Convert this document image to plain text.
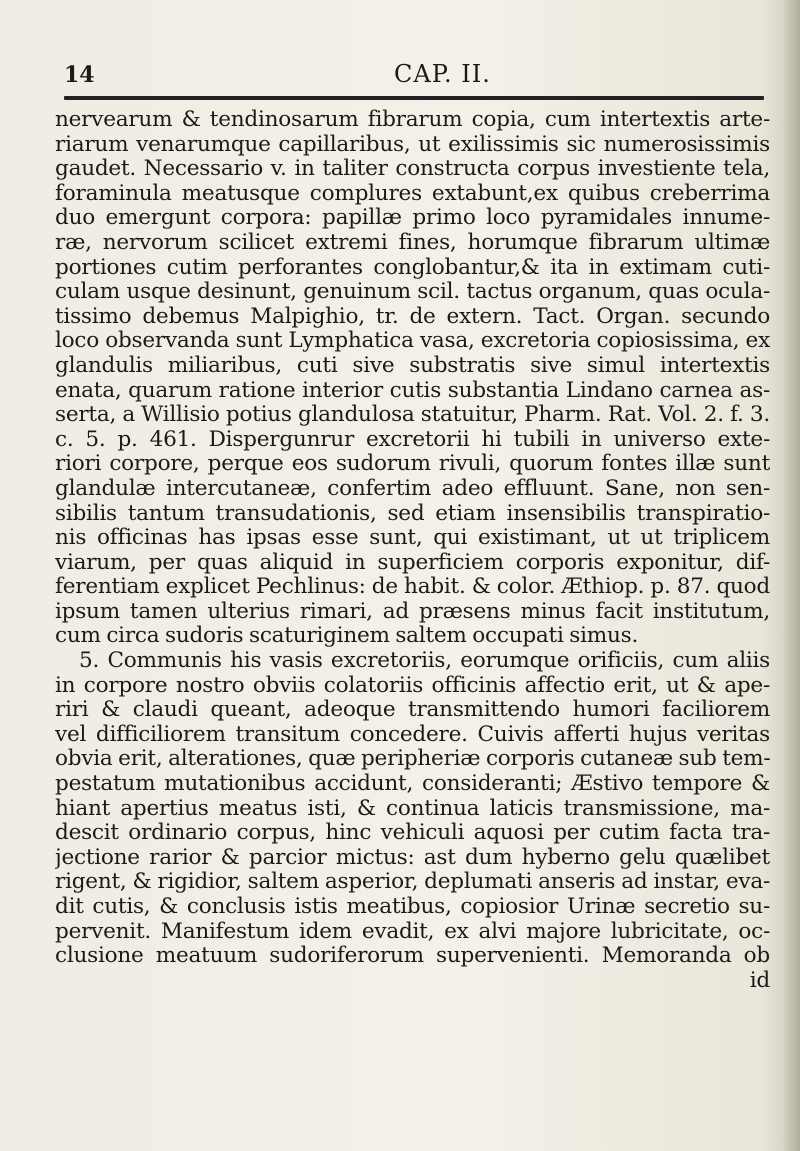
14	CAP. II.
nervearum & tendinosarum fibrarum copia, cum intertextis arte-
riarum venarumque capillaribus, ut exilissimis sic numerosissimis
gaudet. Necessario v. in taliter constructa corpus investiente tela,
foraminula meatusque complures extabunt,ex quibus creberrima
duo emergunt corpora: papillæ primo loco pyramidales innume-
ræ, nervorum scilicet extremi fines, horumque fibrarum ultimæ
portiones cutim perforantes conglobantur,& ita in extimam cuti-
culam usque desinunt, genuinum scil. tactus organum, quas ocula-
tissimo debemus Malpighio, tr. de extern. Tact. Organ. secundo
loco observanda sunt Lymphatica vasa, excretoria copiosissima, ex
glandulis miliaribus, cuti sive substratis sive simul intertextis
enata, quarum ratione interior cutis substantia Lindano carnea as-
serta, a Willisio potius glandulosa statuitur, Pharm. Rat. Vol. 2. f. 3.
c. 5. p. 461. Dispergunrur excretorii hi tubili in universo exte-
riori corpore, perque eos sudorum rivuli, quorum fontes illæ sunt
glandulæ intercutaneæ, confertim adeo effluunt. Sane, non sen-
sibilis tantum transudationis, sed etiam insensibilis transpiratio-
nis officinas has ipsas esse sunt, qui existimant, ut ut triplicem
viarum, per quas aliquid in superficiem corporis exponitur, dif-
ferentiam explicet Pechlinus: de habit. & color. Æthiop. p. 87. quod
ipsum tamen ulterius rimari, ad præsens minus facit institutum,
cum circa sudoris scaturiginem saltem occupati simus.
5. Communis his vasis excretoriis, eorumque orificiis, cum aliis
in corpore nostro obviis colatoriis officinis affectio erit, ut & ape-
riri & claudi queant, adeoque transmittendo humori faciliorem
vel difficiliorem transitum concedere. Cuivis afferti hujus veritas
obvia erit, alterationes, quæ peripheriæ corporis cutaneæ sub tem-
pestatum mutationibus accidunt, consideranti; Æstivo tempore &
hiant apertius meatus isti, & continua laticis transmissione, ma-
descit ordinario corpus, hinc vehiculi aquosi per cutim facta tra-
jectione rarior & parcior mictus: ast dum hyberno gelu quælibet
rigent, & rigidior, saltem asperior, deplumati anseris ad instar, eva-
dit cutis, & conclusis istis meatibus, copiosior Urinæ secretio su-
pervenit. Manifestum idem evadit, ex alvi majore lubricitate, oc-
clusione meatuum sudoriferorum supervenienti. Memoranda ob
id
